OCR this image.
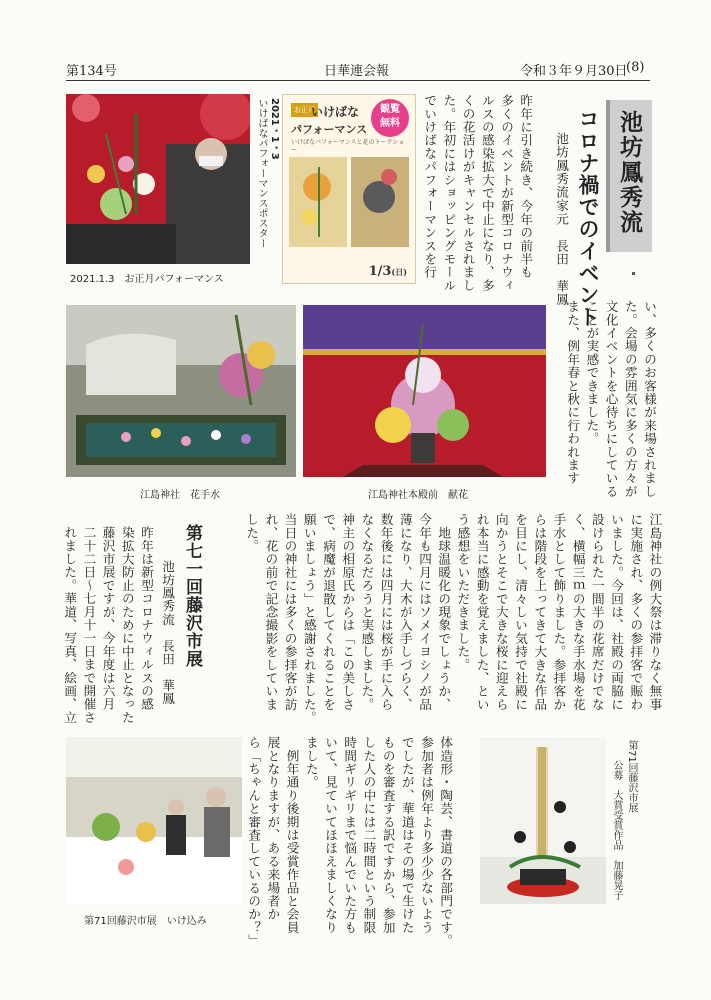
第134号	日華連会報	令和３年９月30日
(8)
池坊鳳秀流
コロナ禍でのイベント
池坊鳳秀流家元　長田　華鳳
昨年に引き続き、今年の前半も
多くのイベントが新型コロナウィ
ルスの感染拡大で中止になり、多
くの花活けがキャンセルされまし
た。年初にはショッピングモール
でいけばなパフォーマンスを行
い、多くのお客様が来場されまし
た。会場の雰囲気に多くの方々が
文化イベントを心待ちにしている
ことが実感できました。
また、例年春と秋に行われます
江島神社の例大祭は滞りなく無事
に実施され、多くの参拝客で賑わ
いました。今回は、社殿の両脇に
設けられた一間半の花席だけでな
く、横幅三ｍの大きな手水場を花
手水として飾りました。参拝客か
らは階段を上ってきて大きな作品
を目にし、清々しい気持で社殿に
向かうとそこで大きな桜に迎えら
れ本当に感動を覚えました、とい
う感想をいただきました。
　地球温暖化の現象でしょうか、
今年も四月にはソメイヨシノが品
薄になり、大木が入手しづらく、
数年後には四月には桜が手に入ら
なくなるだろうと実感しました。
神主の相原氏からは「この美しさ
で、病魔が退散してくれることを
願いましょう」と感謝されました。
当日の神社には多くの参拝客が訪
れ、花の前で記念撮影をしていま
した。
第七一回藤沢市展
池坊鳳秀流　長田　華鳳
昨年は新型コロナウィルスの感
染拡大防止のために中止となった
藤沢市展ですが、今年度は六月
二十二日〜七月十一日まで開催さ
れました。華道、写真、絵画、立
体造形・陶芸、書道の各部門です。
参加者は例年より多少少ないよう
でしたが、華道はその場で生けた
ものを審査する訳ですから、参加
した人の中には二時間という制限
時間ギリギリまで悩んでいた方も
いて、見ていてほほえましくなり
ました。
　例年通り後期は受賞作品と会員
展となりますが、ある来場者か
ら「ちゃんと審査しているのか？」
2021.1.3　お正月パフォーマンス
2021・1・3
いけばなパフォーマンスポスター	観覧
無料
お正月
いけばな
パフォーマンス
いけばなパフォーマンスと花のトークショー
1/3(日)
江島神社　花手水	江島神社本殿前　献花
第71回藤沢市展　いけ込み
第71回藤沢市展
公募　大賞受賞作品　加藤晃子
